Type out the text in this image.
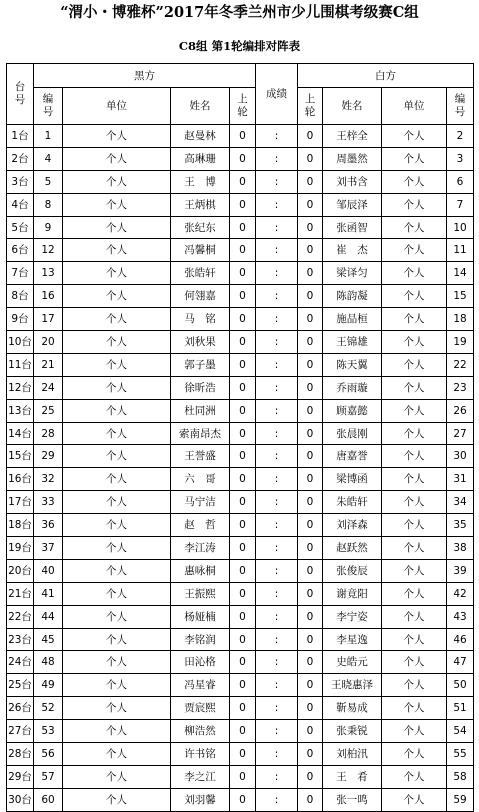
“渭小・博雅杯”2017年冬季兰州市少儿围棋考级赛C组
C8组 第1轮编排对阵表
台号	黑方				成绩	白方			
	编号	单位	姓名	上轮		上轮	姓名	单位	编号
1台	1	个人	赵曼林	0	:	0	王梓全	个人	2
2台	4	个人	高琳珊	0	:	0	周墨然	个人	3
3台	5	个人	王　博	0	:	0	刘书含	个人	6
4台	8	个人	王炳棋	0	:	0	邹辰泽	个人	7
5台	9	个人	张纪东	0	:	0	张函智	个人	10
6台	12	个人	冯馨桐	0	:	0	崔　杰	个人	11
7台	13	个人	张皓轩	0	:	0	梁译匀	个人	14
8台	16	个人	何翎嘉	0	:	0	陈韵凝	个人	15
9台	17	个人	马　铭	0	:	0	施品桓	个人	18
10台	20	个人	刘秋果	0	:	0	王锦雄	个人	19
11台	21	个人	郭子墨	0	:	0	陈天翼	个人	22
12台	24	个人	徐昕浩	0	:	0	乔雨璇	个人	23
13台	25	个人	杜同洲	0	:	0	顾嘉懿	个人	26
14台	28	个人	索南昂杰	0	:	0	张晨刚	个人	27
15台	29	个人	王誉盛	0	:	0	唐嘉誉	个人	30
16台	32	个人	六　哥	0	:	0	梁博函	个人	31
17台	33	个人	马宁洁	0	:	0	朱皓轩	个人	34
18台	36	个人	赵　哲	0	:	0	刘泽森	个人	35
19台	37	个人	李江涛	0	:	0	赵跃然	个人	38
20台	40	个人	惠咏桐	0	:	0	张俊辰	个人	39
21台	41	个人	王振熙	0	:	0	谢竟阳	个人	42
22台	44	个人	杨娅楠	0	:	0	李宁姿	个人	43
23台	45	个人	李铭润	0	:	0	李星逸	个人	46
24台	48	个人	田沁格	0	:	0	史皓元	个人	47
25台	49	个人	冯星睿	0	:	0	王晓惠泽	个人	50
26台	52	个人	贾宸熙	0	:	0	靳易成	个人	51
27台	53	个人	柳浩然	0	:	0	张秉锐	个人	54
28台	56	个人	许书铭	0	:	0	刘柏汛	个人	55
29台	57	个人	李之江	0	:	0	王　肴	个人	58
30台	60	个人	刘羽馨	0	:	0	张一鸣	个人	59
